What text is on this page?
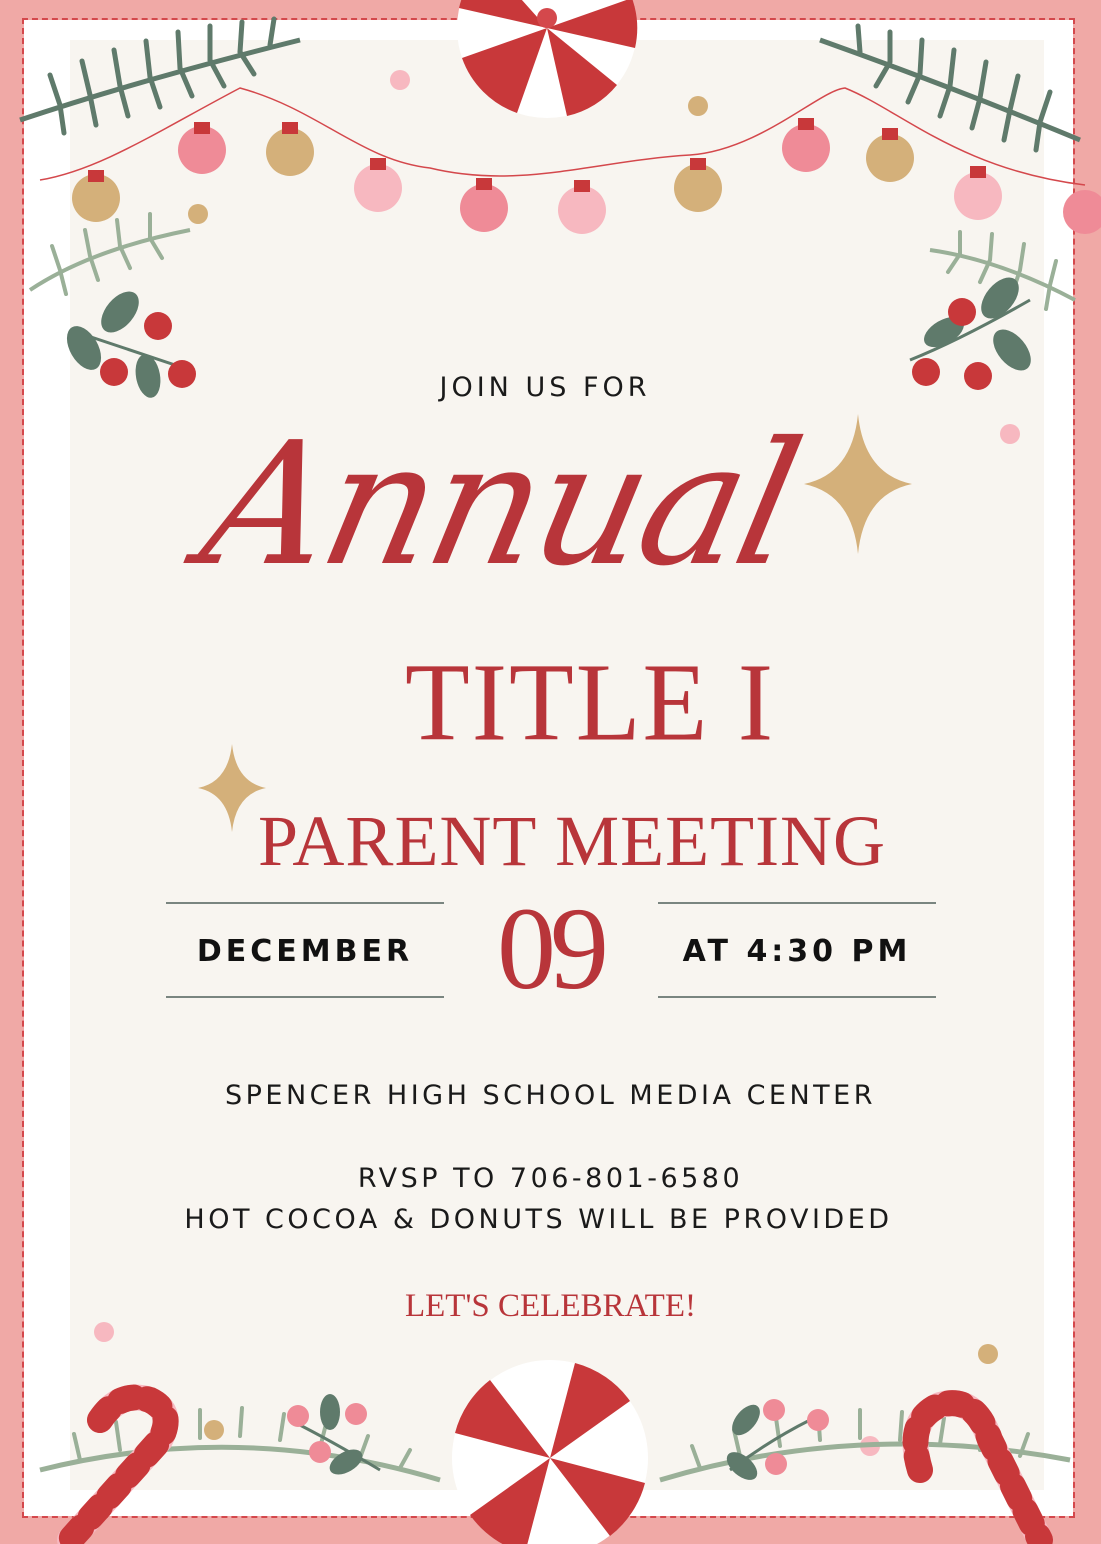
JOIN US FOR
Annual
TITLE I
PARENT MEETING
DECEMBER 09	AT 4:30 PM
SPENCER HIGH SCHOOL MEDIA CENTER
RVSP TO 706-801-6580
HOT COCOA & DONUTS WILL BE PROVIDED
LET'S CELEBRATE!
